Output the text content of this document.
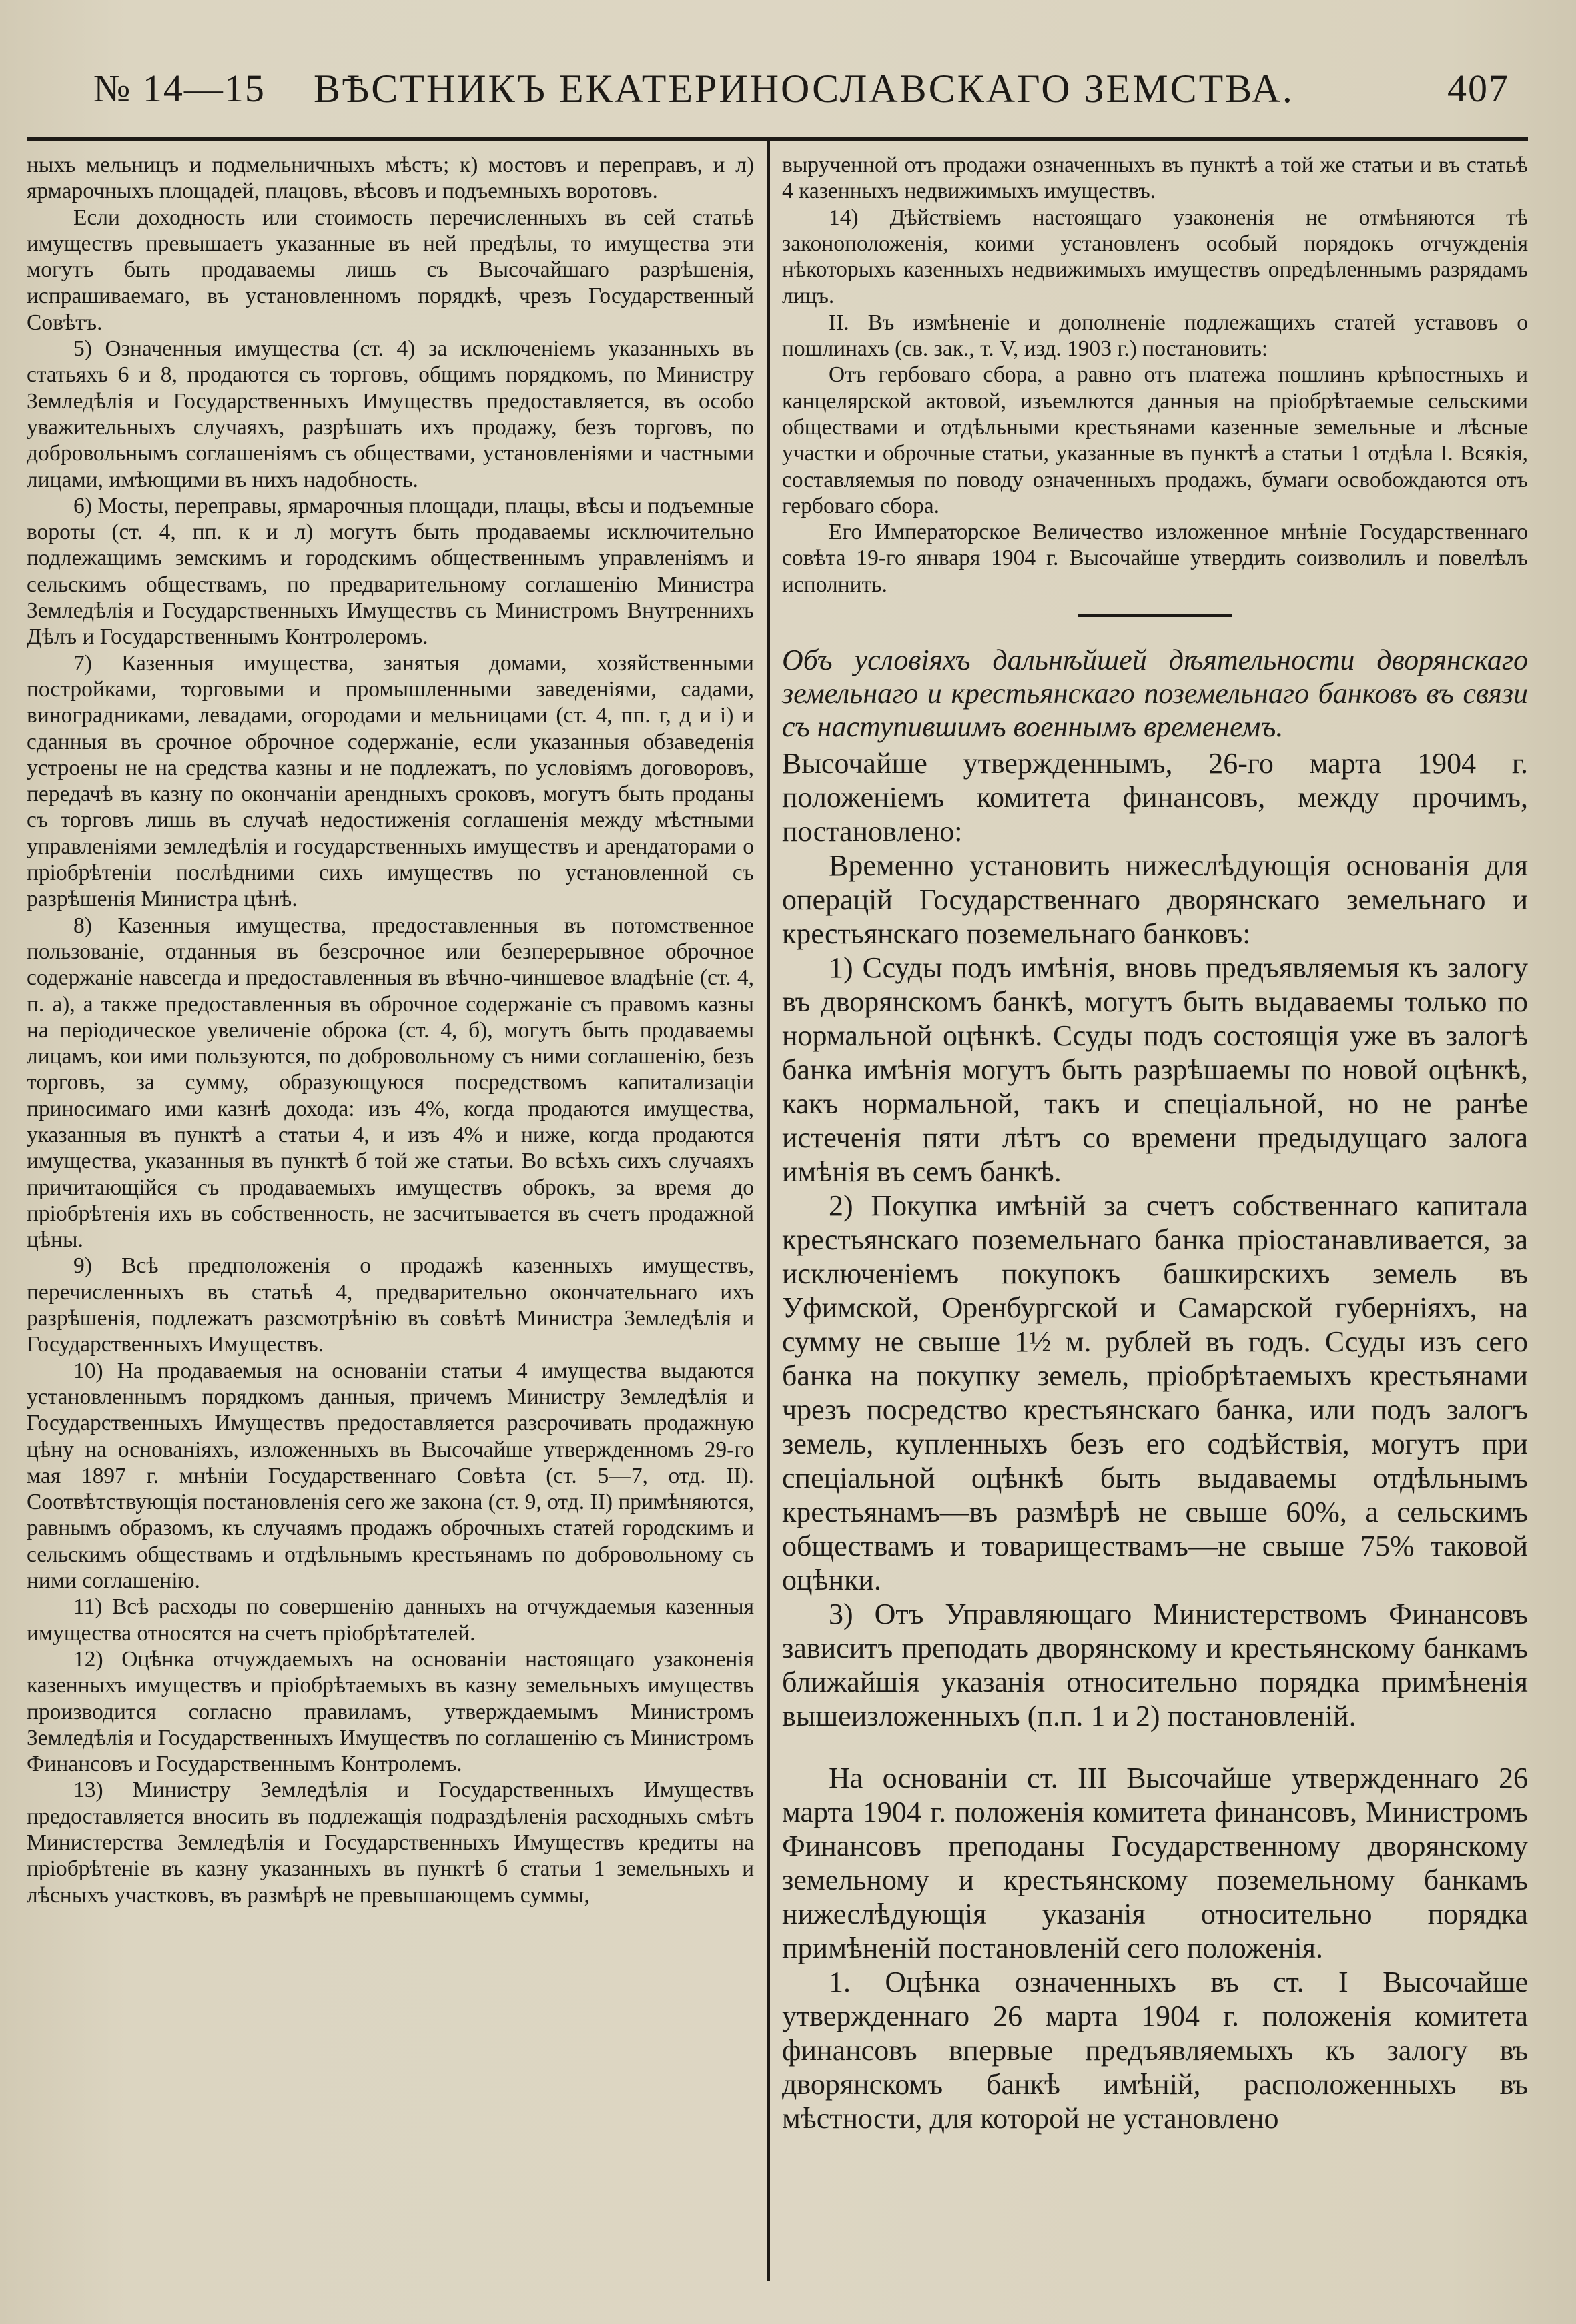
№ 14—15 ВѢСТНИКЪ ЕКАТЕРИНОСЛАВСКАГО ЗЕМСТВА.	407

ныхъ мельницъ и подмельничныхъ мѣстъ; к) мостовъ и переправъ, и л) ярмарочныхъ площадей, плацовъ, вѣсовъ и подъемныхъ воротовъ.

Если доходность или стоимость перечисленныхъ въ сей статьѣ имуществъ превышаетъ указанные въ ней предѣлы, то имущества эти могутъ быть продаваемы лишь съ Высочайшаго разрѣшенія, испрашиваемаго, въ установленномъ порядкѣ, чрезъ Государственный Совѣтъ.

5) Означенныя имущества (ст. 4) за исключеніемъ указанныхъ въ статьяхъ 6 и 8, продаются съ торговъ, общимъ порядкомъ, по Министру Земледѣлія и Государственныхъ Имуществъ предоставляется, въ особо уважительныхъ случаяхъ, разрѣшать ихъ продажу, безъ торговъ, по добровольнымъ соглашеніямъ съ обществами, установленіями и частными лицами, имѣющими въ нихъ надобность.

6) Мосты, переправы, ярмарочныя площади, плацы, вѣсы и подъемные вороты (ст. 4, пп. к и л) могутъ быть продаваемы исключительно подлежащимъ земскимъ и городскимъ общественнымъ управленіямъ и сельскимъ обществамъ, по предварительному соглашенію Министра Земледѣлія и Государственныхъ Имуществъ съ Министромъ Внутреннихъ Дѣлъ и Государственнымъ Контролеромъ.

7) Казенныя имущества, занятыя домами, хозяйственными постройками, торговыми и промышленными заведеніями, садами, виноградниками, левадами, огородами и мельницами (ст. 4, пп. г, д и і) и сданныя въ срочное оброчное содержаніе, если указанныя обзаведенія устроены не на средства казны и не подлежатъ, по условіямъ договоровъ, передачѣ въ казну по окончаніи арендныхъ сроковъ, могутъ быть проданы съ торговъ лишь въ случаѣ недостиженія соглашенія между мѣстными управленіями земледѣлія и государственныхъ имуществъ и арендаторами о пріобрѣтеніи послѣдними сихъ имуществъ по установленной съ разрѣшенія Министра цѣнѣ.

8) Казенныя имущества, предоставленныя въ потомственное пользованіе, отданныя въ безсрочное или безперерывное оброчное содержаніе навсегда и предоставленныя въ вѣчно-чиншевое владѣніе (ст. 4, п. а), а также предоставленныя въ оброчное содержаніе съ правомъ казны на періодическое увеличеніе оброка (ст. 4, б), могутъ быть продаваемы лицамъ, кои ими пользуются, по добровольному съ ними соглашенію, безъ торговъ, за сумму, образующуюся посредствомъ капитализаціи приносимаго ими казнѣ дохода: изъ 4%, когда продаются имущества, указанныя въ пунктѣ а статьи 4, и изъ 4% и ниже, когда продаются имущества, указанныя въ пунктѣ б той же статьи. Во всѣхъ сихъ случаяхъ причитающійся съ продаваемыхъ имуществъ оброкъ, за время до пріобрѣтенія ихъ въ собственность, не засчитывается въ счетъ продажной цѣны.

9) Всѣ предположенія о продажѣ казенныхъ имуществъ, перечисленныхъ въ статьѣ 4, предварительно окончательнаго ихъ разрѣшенія, подлежатъ разсмотрѣнію въ совѣтѣ Министра Земледѣлія и Государственныхъ Имуществъ.

10) На продаваемыя на основаніи статьи 4 имущества выдаются установленнымъ порядкомъ данныя, причемъ Министру Земледѣлія и Государственныхъ Имуществъ предоставляется разсрочивать продажную цѣну на основаніяхъ, изложенныхъ въ Высочайше утвержденномъ 29-го мая 1897 г. мнѣніи Государственнаго Совѣта (ст. 5—7, отд. II). Соотвѣтствующія постановленія сего же закона (ст. 9, отд. II) примѣняются, равнымъ образомъ, къ случаямъ продажъ оброчныхъ статей городскимъ и сельскимъ обществамъ и отдѣльнымъ крестьянамъ по добровольному съ ними соглашенію.

11) Всѣ расходы по совершенію данныхъ на отчуждаемыя казенныя имущества относятся на счетъ пріобрѣтателей.

12) Оцѣнка отчуждаемыхъ на основаніи настоящаго узаконенія казенныхъ имуществъ и пріобрѣтаемыхъ въ казну земельныхъ имуществъ производится согласно правиламъ, утверждаемымъ Министромъ Земледѣлія и Государственныхъ Имуществъ по соглашенію съ Министромъ Финансовъ и Государственнымъ Контролемъ.

13) Министру Земледѣлія и Государственныхъ Имуществъ предоставляется вносить въ подлежащія подраздѣленія расходныхъ смѣтъ Министерства Земледѣлія и Государственныхъ Имуществъ кредиты на пріобрѣтеніе въ казну указанныхъ въ пунктѣ б статьи 1 земельныхъ и лѣсныхъ участковъ, въ размѣрѣ не превышающемъ суммы,

вырученной отъ продажи означенныхъ въ пунктѣ а той же статьи и въ статьѣ 4 казенныхъ недвижимыхъ имуществъ.

14) Дѣйствіемъ настоящаго узаконенія не отмѣняются тѣ законоположенія, коими установленъ особый порядокъ отчужденія нѣкоторыхъ казенныхъ недвижимыхъ имуществъ опредѣленнымъ разрядамъ лицъ.

II. Въ измѣненіе и дополненіе подлежащихъ статей уставовъ о пошлинахъ (св. зак., т. V, изд. 1903 г.) постановить:

Отъ гербоваго сбора, а равно отъ платежа пошлинъ крѣпостныхъ и канцелярской актовой, изъемлются данныя на пріобрѣтаемые сельскими обществами и отдѣльными крестьянами казенные земельные и лѣсные участки и оброчные статьи, указанные въ пунктѣ а статьи 1 отдѣла I. Всякія, составляемыя по поводу означенныхъ продажъ, бумаги освобождаются отъ гербоваго сбора.

Его Императорское Величество изложенное мнѣніе Государственнаго совѣта 19-го января 1904 г. Высочайше утвердить соизволилъ и повелѣлъ исполнить.

Объ условіяхъ дальнѣйшей дѣятельности дворянскаго земельнаго и крестьянскаго поземельнаго банковъ въ связи съ наступившимъ военнымъ временемъ.

Высочайше утвержденнымъ, 26-го марта 1904 г. положеніемъ комитета финансовъ, между прочимъ, постановлено:

Временно установить нижеслѣдующія основанія для операцій Государственнаго дворянскаго земельнаго и крестьянскаго поземельнаго банковъ:

1) Ссуды подъ имѣнія, вновь предъявляемыя къ залогу въ дворянскомъ банкѣ, могутъ быть выдаваемы только по нормальной оцѣнкѣ. Ссуды подъ состоящія уже въ залогѣ банка имѣнія могутъ быть разрѣшаемы по новой оцѣнкѣ, какъ нормальной, такъ и спеціальной, но не ранѣе истеченія пяти лѣтъ со времени предыдущаго залога имѣнія въ семъ банкѣ.

2) Покупка имѣній за счетъ собственнаго капитала крестьянскаго поземельнаго банка пріостанавливается, за исключеніемъ покупокъ башкирскихъ земель въ Уфимской, Оренбургской и Самарской губерніяхъ, на сумму не свыше 1½ м. рублей въ годъ. Ссуды изъ сего банка на покупку земель, пріобрѣтаемыхъ крестьянами чрезъ посредство крестьянскаго банка, или подъ залогъ земель, купленныхъ безъ его содѣйствія, могутъ при спеціальной оцѣнкѣ быть выдаваемы отдѣльнымъ крестьянамъ—въ размѣрѣ не свыше 60%, а сельскимъ обществамъ и товариществамъ—не свыше 75% таковой оцѣнки.

3) Отъ Управляющаго Министерствомъ Финансовъ зависитъ преподать дворянскому и крестьянскому банкамъ ближайшія указанія относительно порядка примѣненія вышеизложенныхъ (п.п. 1 и 2) постановленій.

На основаніи ст. III Высочайше утвержденнаго 26 марта 1904 г. положенія комитета финансовъ, Министромъ Финансовъ преподаны Государственному дворянскому земельному и крестьянскому поземельному банкамъ нижеслѣдующія указанія относительно порядка примѣненій постановленій сего положенія.

1. Оцѣнка означенныхъ въ ст. I Высочайше утвержденнаго 26 марта 1904 г. положенія комитета финансовъ впервые предъявляемыхъ къ залогу въ дворянскомъ банкѣ имѣній, расположенныхъ въ мѣстности, для которой не установлено
